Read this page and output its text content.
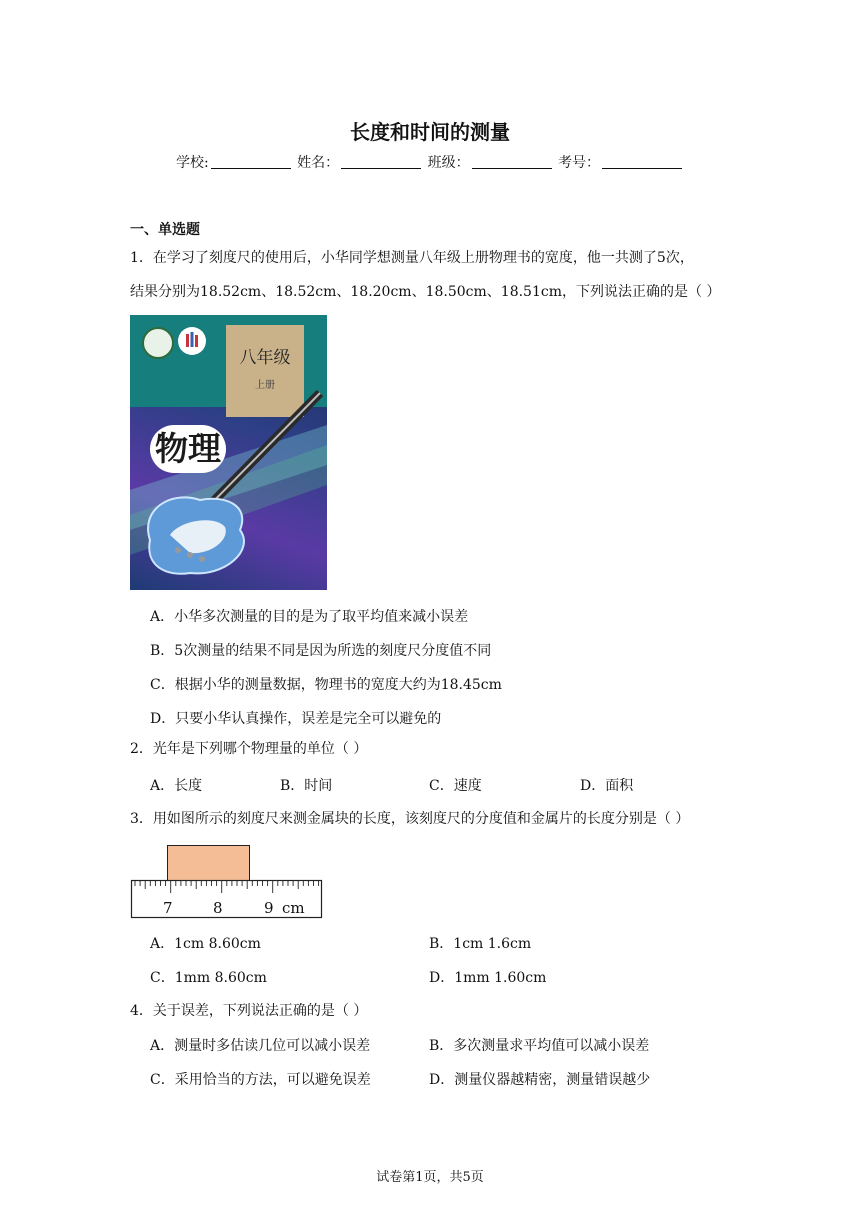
长度和时间的测量
学校:	姓名：	班级：	考号：
一、单选题
1．在学习了刻度尺的使用后，小华同学想测量八年级上册物理书的宽度，他一共测了5次，
结果分别为18.52cm、18.52cm、18.20cm、18.50cm、18.51cm，下列说法正确的是（ ）
八年级
上册
物理
A．小华多次测量的目的是为了取平均值来减小误差
B．5次测量的结果不同是因为所选的刻度尺分度值不同
C．根据小华的测量数据，物理书的宽度大约为18.45cm
D．只要小华认真操作，误差是完全可以避免的
2．光年是下列哪个物理量的单位（ ）
A．长度	B．时间	C．速度	D．面积
3．用如图所示的刻度尺来测金属块的长度，该刻度尺的分度值和金属片的长度分别是（ ）
7	8	9 cm
A．1cm 8.60cm	B．1cm 1.6cm
C．1mm 8.60cm	D．1mm 1.60cm
4．关于误差，下列说法正确的是（ ）
A．测量时多估读几位可以减小误差	B．多次测量求平均值可以减小误差
C．采用恰当的方法，可以避免误差	D．测量仪器越精密，测量错误越少
试卷第1页，共5页
